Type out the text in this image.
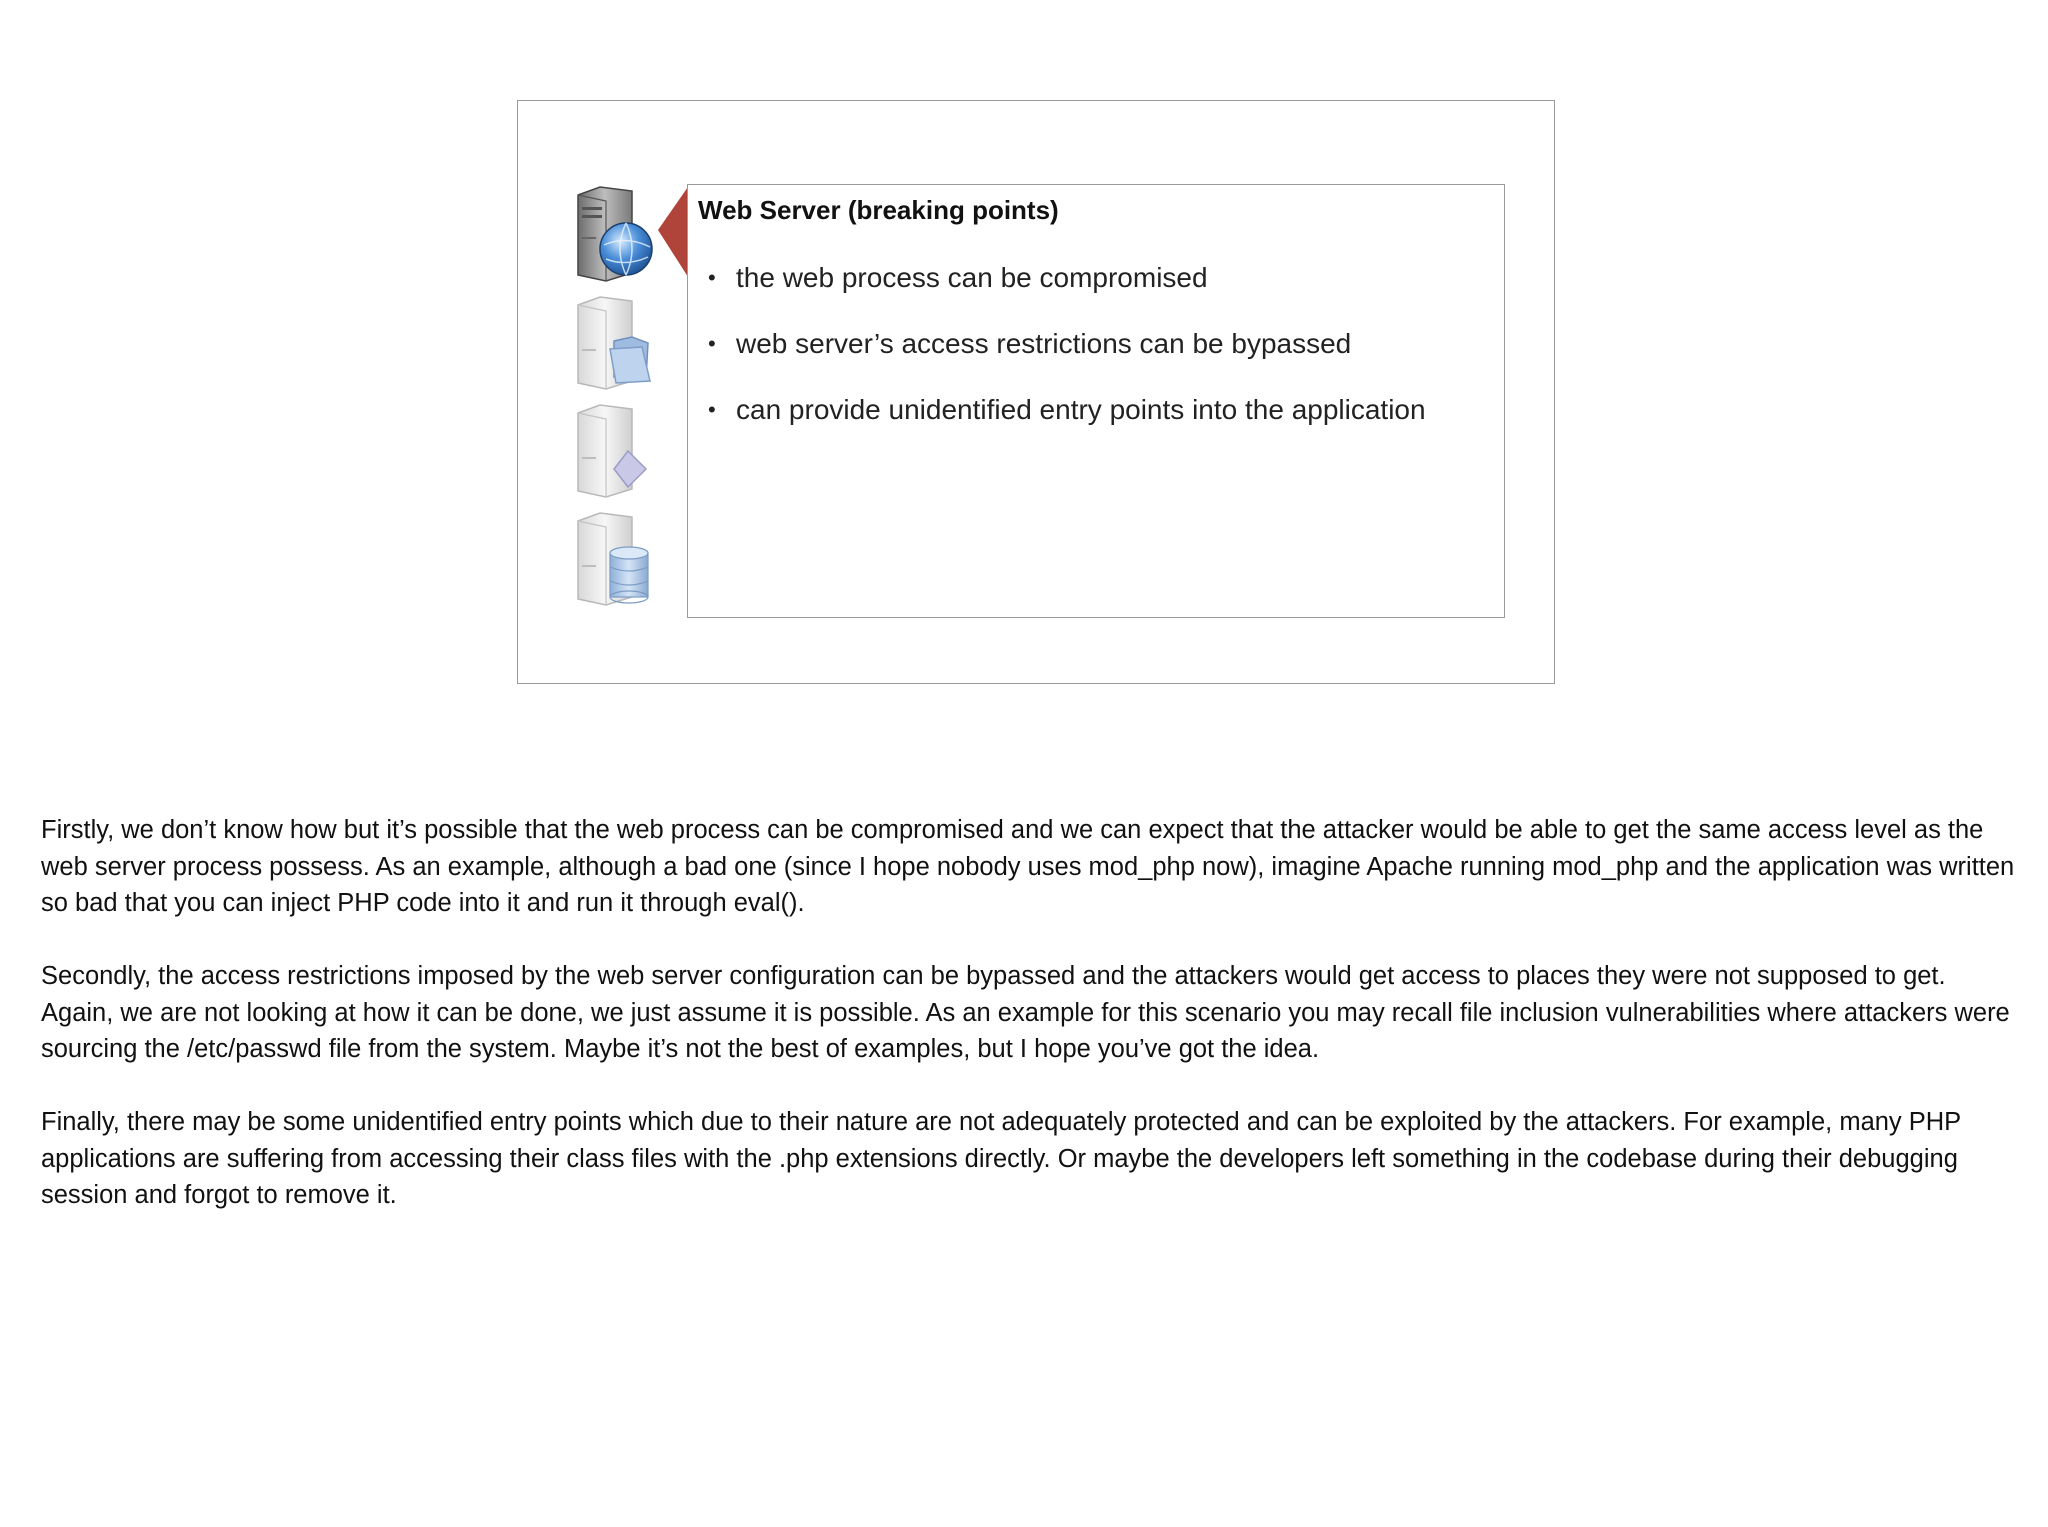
Web Server (breaking points)
• the web process can be compromised
• web server’s access restrictions can be bypassed
• can provide unidentified entry points into the application

Firstly, we don’t know how but it’s possible that the web process can be compromised and we can expect that the attacker would be able to get the same access level as the web server process possess. As an example, although a bad one (since I hope nobody uses mod_php now), imagine Apache running mod_php and the application was written so bad that you can inject PHP code into it and run it through eval().

Secondly, the access restrictions imposed by the web server configuration can be bypassed and the attackers would get access to places they were not supposed to get. Again, we are not looking at how it can be done, we just assume it is possible. As an example for this scenario you may recall file inclusion vulnerabilities where attackers were sourcing the /etc/passwd file from the system. Maybe it’s not the best of examples, but I hope you’ve got the idea.

Finally, there may be some unidentified entry points which due to their nature are not adequately protected and can be exploited by the attackers. For example, many PHP applications are suffering from accessing their class files with the .php extensions directly. Or maybe the developers left something in the codebase during their debugging session and forgot to remove it.
